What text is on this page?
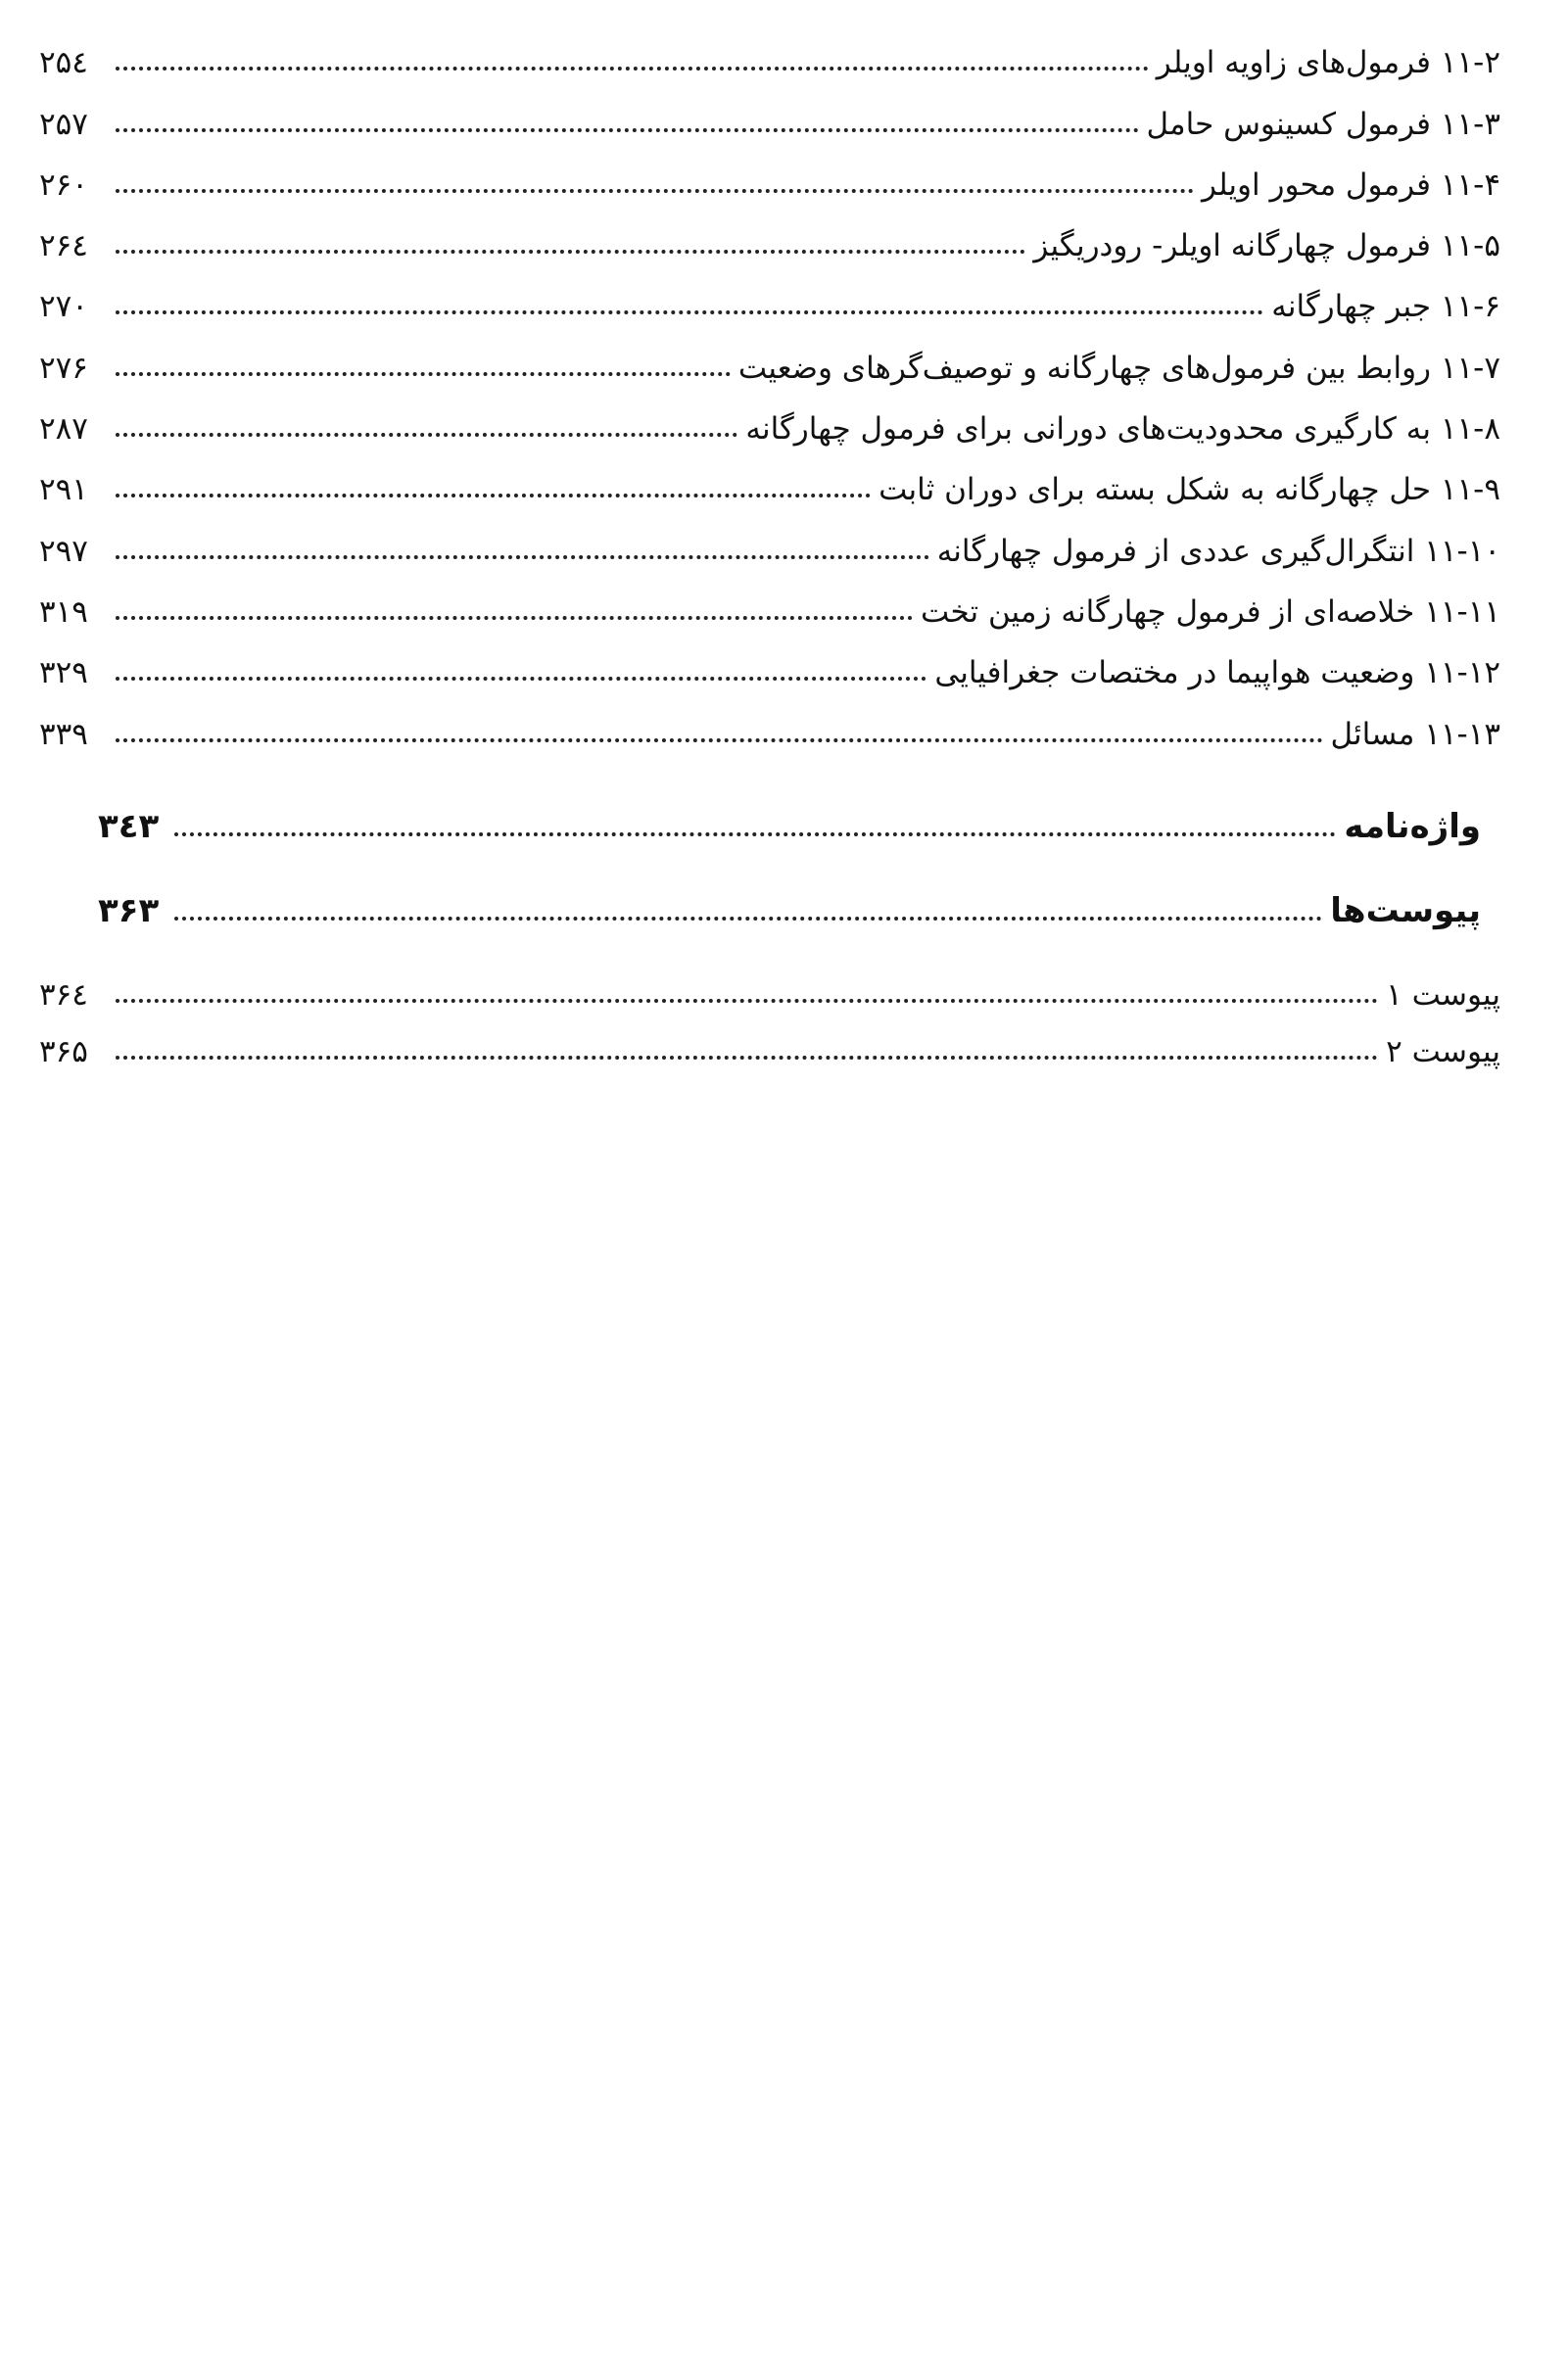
۱۱-۲ فرمول‌های زاویه اویلر
۲۵٤
۱۱-۳ فرمول کسینوس حامل
۲۵۷
۱۱-۴ فرمول محور اویلر
۲۶۰
۱۱-۵ فرمول چهارگانه اویلر- رودریگیز
۲۶٤
۱۱-۶ جبر چهارگانه
۲۷۰
۱۱-۷ روابط بین فرمول‌های چهارگانه و توصیف‌گرهای وضعیت
۲۷۶
۱۱-۸ به کارگیری محدودیت‌های دورانی برای فرمول چهارگانه
۲۸۷
۱۱-۹ حل چهارگانه به شکل بسته برای دوران ثابت
۲۹۱
۱۱-۱۰ انتگرال‌گیری عددی از فرمول چهارگانه
۲۹۷
۱۱-۱۱ خلاصه‌ای از فرمول چهارگانه زمین تخت
۳۱۹
۱۱-۱۲ وضعیت هواپیما در مختصات جغرافیایی
۳۲۹
۱۱-۱۳ مسائل
۳۳۹
واژه‌نامه
۳٤۳
پیوست‌ها
۳۶۳
پیوست ۱
۳۶٤
پیوست ۲
۳۶۵
